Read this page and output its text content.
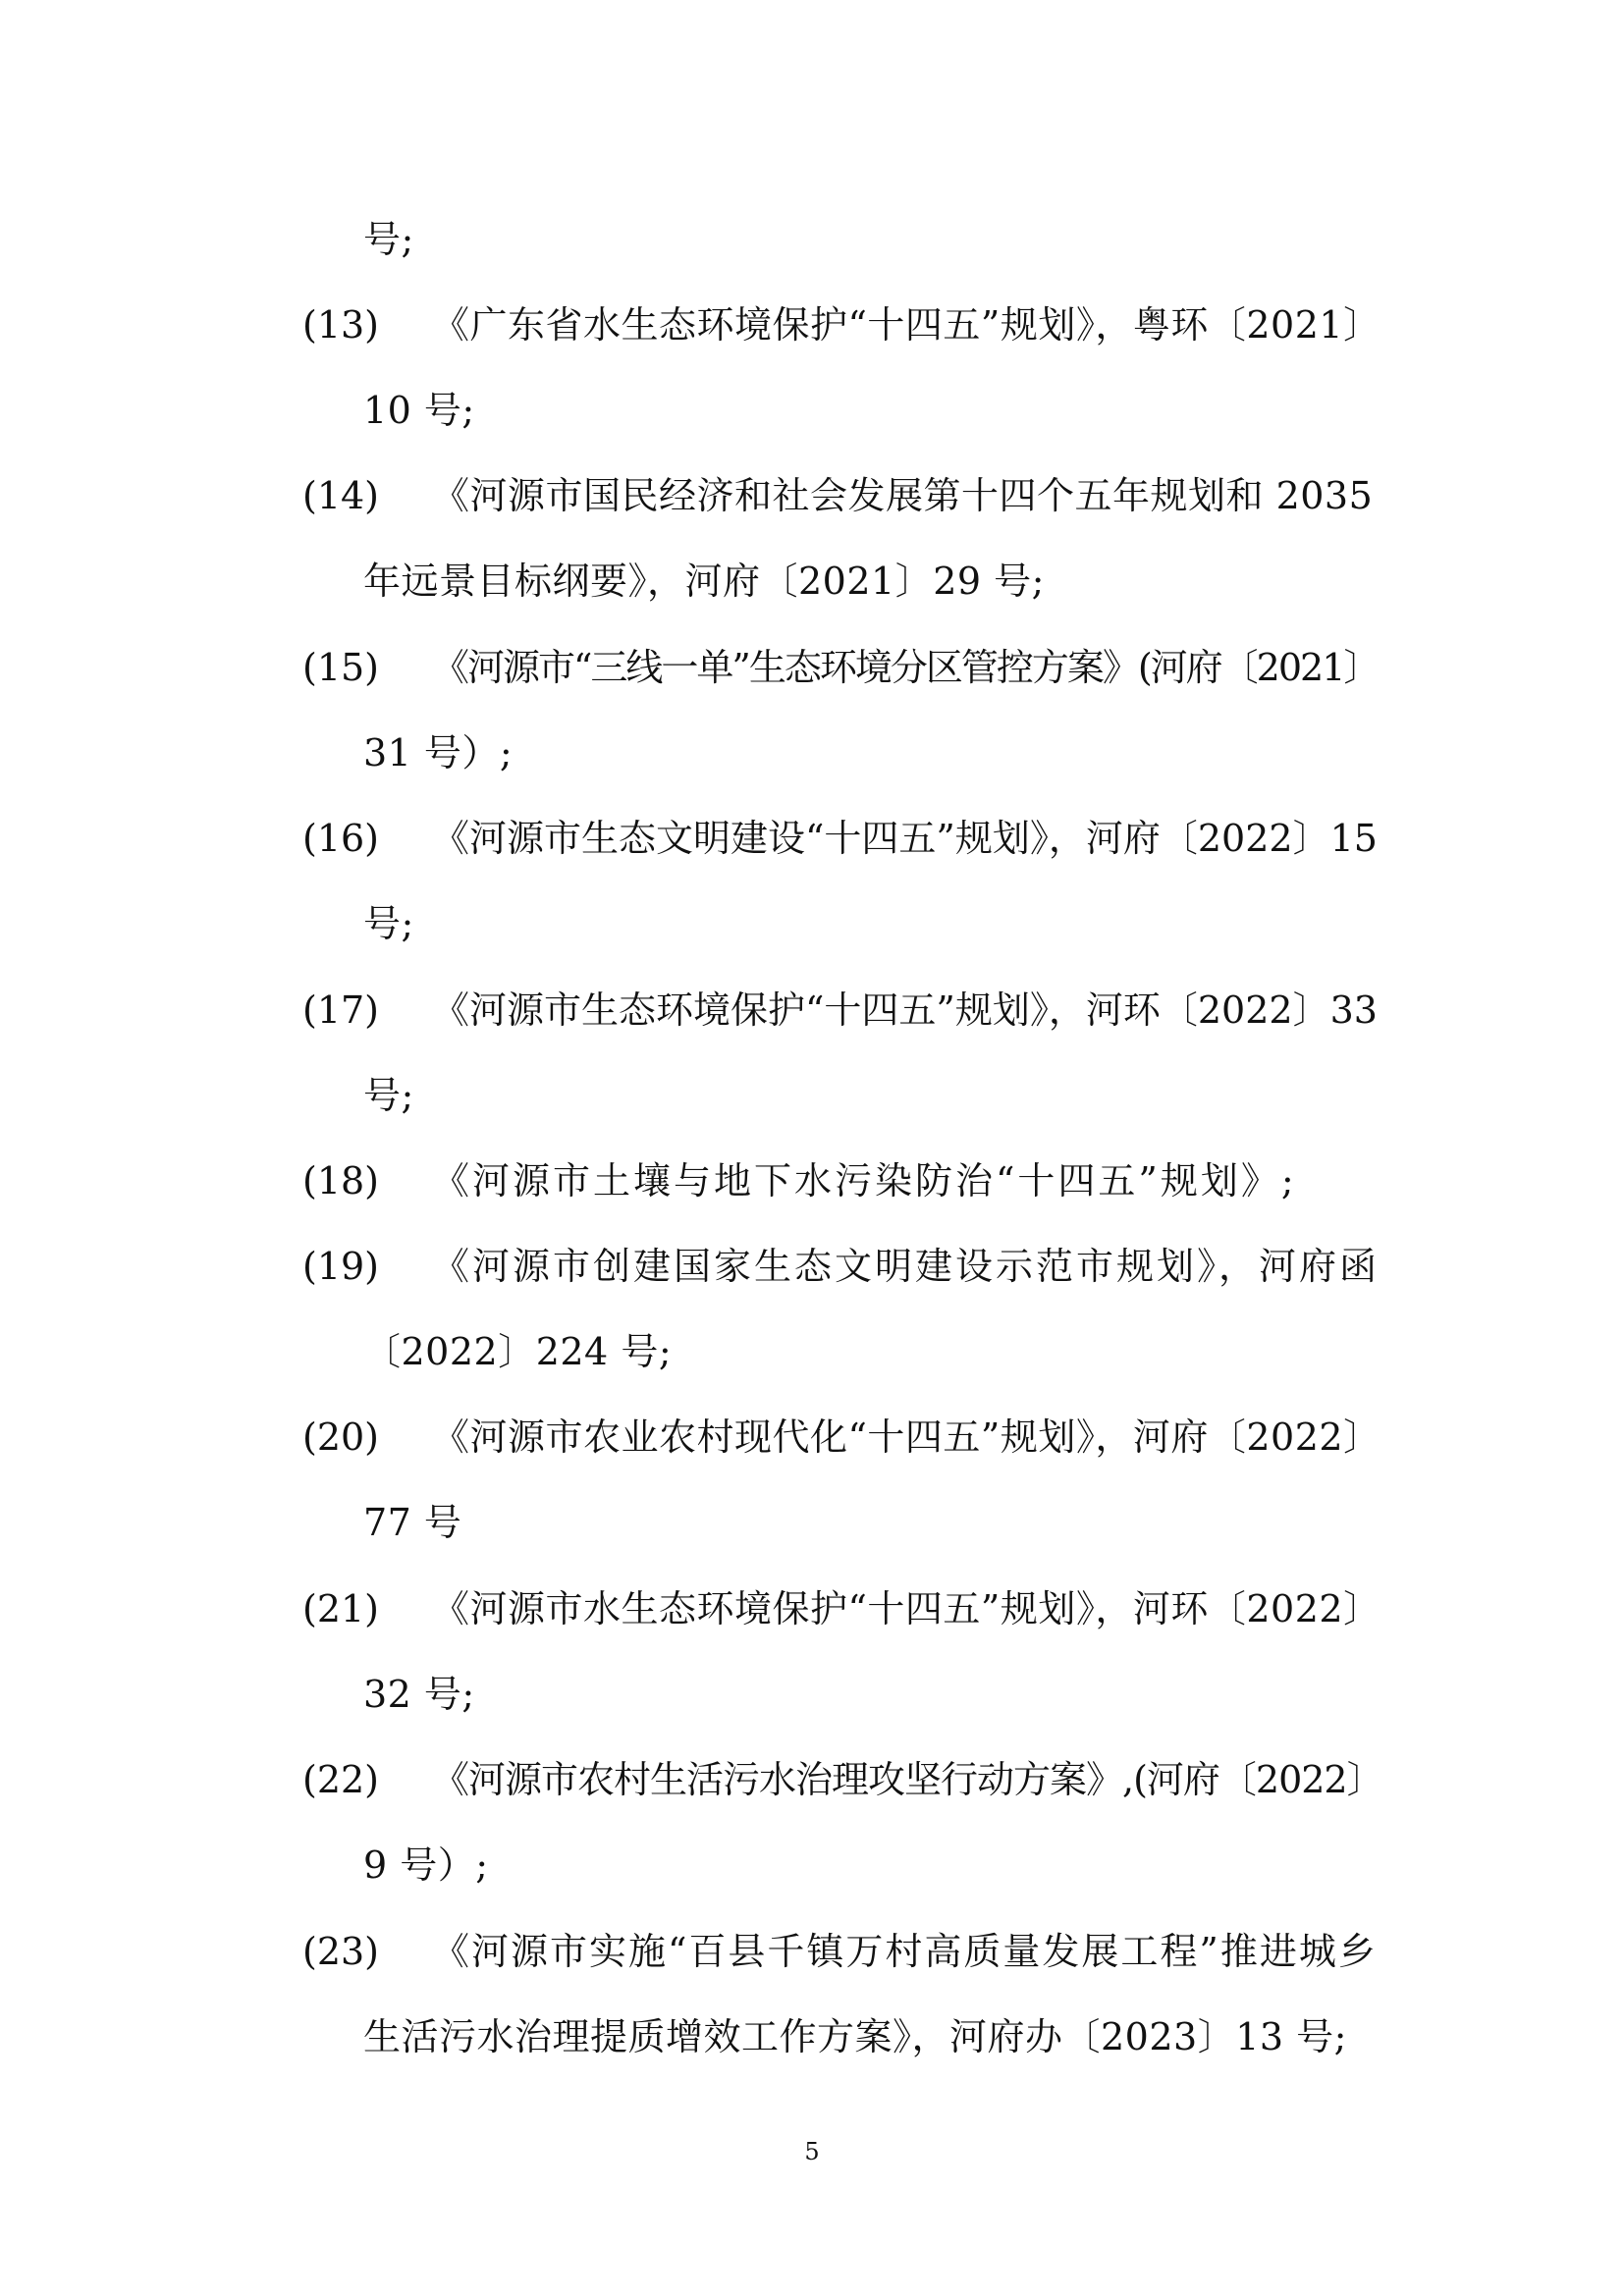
号;
(13) 《广东省水生态环境保护“十四五”规划》，粤环〔2021〕
10 号;
(14) 《河源市国民经济和社会发展第十四个五年规划和 2035
年远景目标纲要》，河府〔2021〕29 号;
(15) 《河源市“三线一单”生态环境分区管控方案》(河府〔2021〕
31 号）;
(16) 《河源市生态文明建设“十四五”规划》，河府〔2022〕15
号;
(17) 《河源市生态环境保护“十四五”规划》，河环〔2022〕33
号;
(18) 《河源市土壤与地下水污染防治“十四五”规划》;
(19) 《河源市创建国家生态文明建设示范市规划》，河府函
〔2022〕224 号;
(20) 《河源市农业农村现代化“十四五”规划》，河府〔2022〕
77 号
(21) 《河源市水生态环境保护“十四五”规划》，河环〔2022〕
32 号;
(22) 《河源市农村生活污水治理攻坚行动方案》,(河府〔2022〕
9 号）;
(23) 《河源市实施“百县千镇万村高质量发展工程”推进城乡
生活污水治理提质增效工作方案》，河府办〔2023〕13 号;
5
